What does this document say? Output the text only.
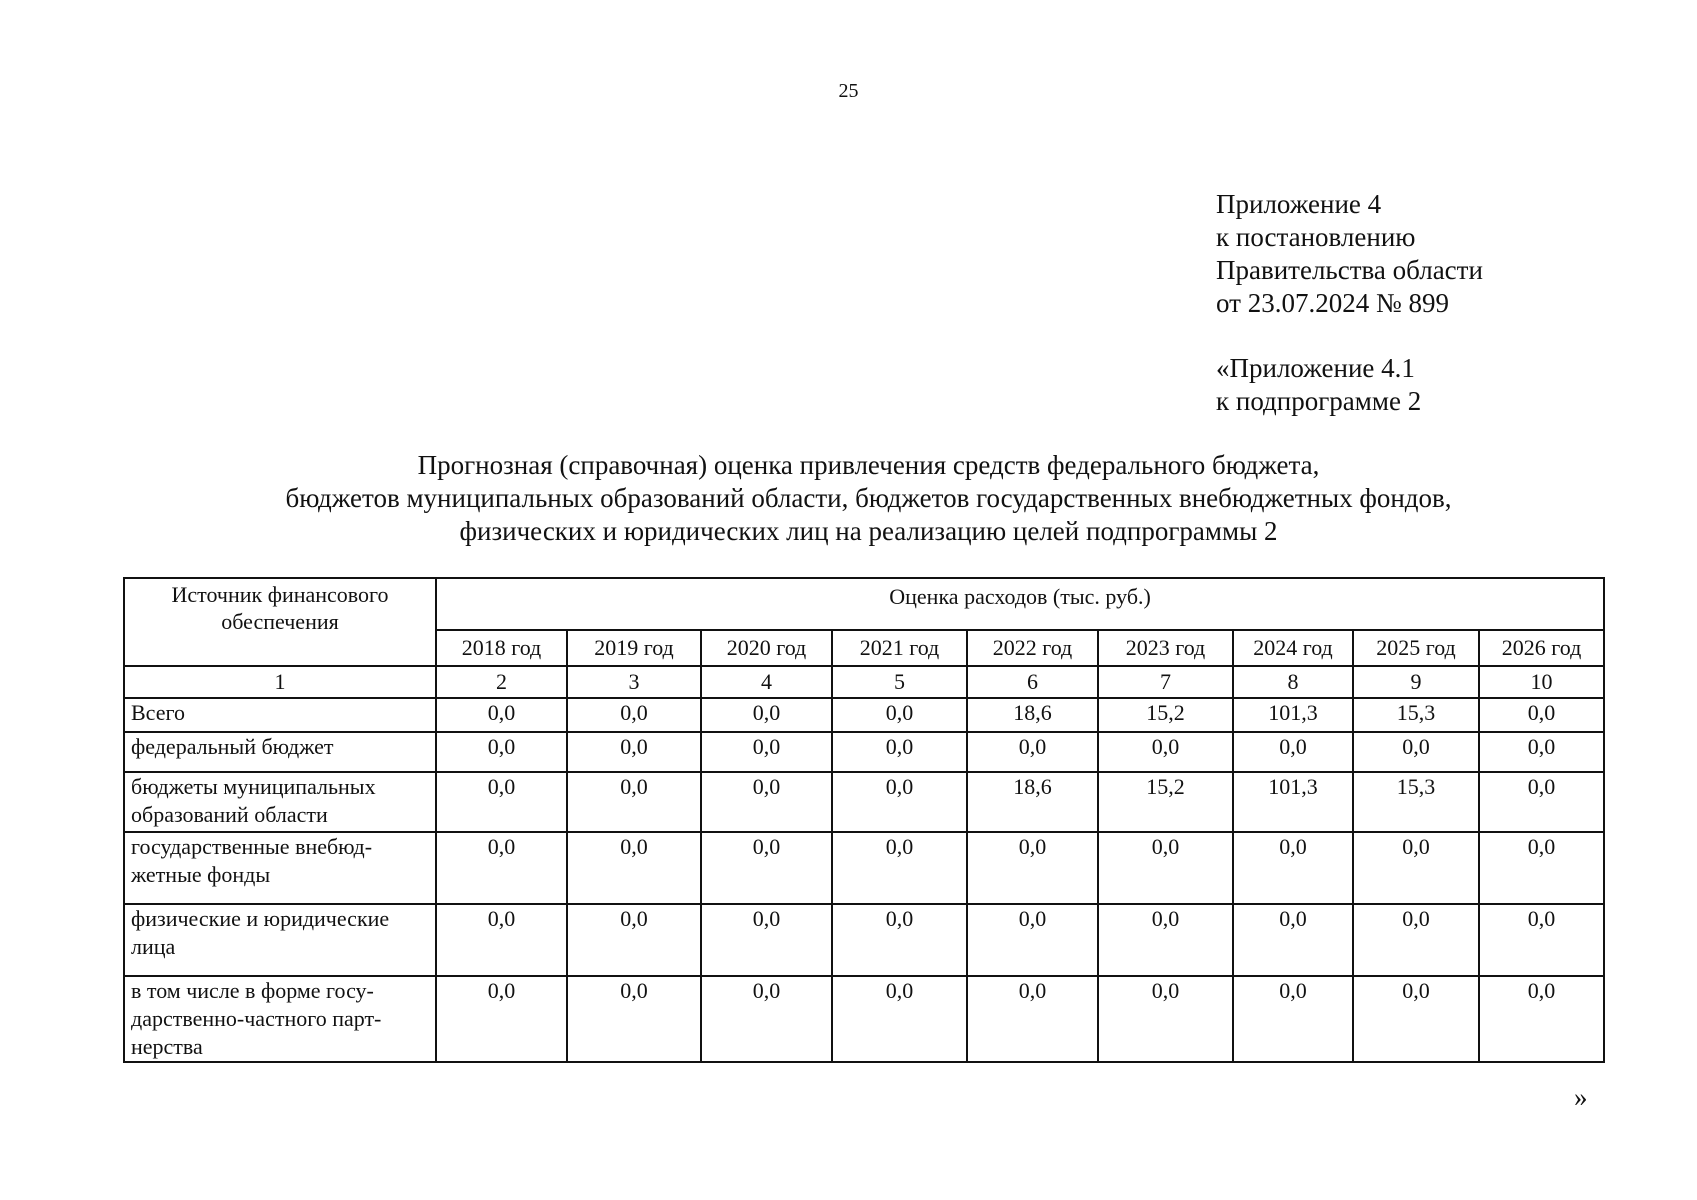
25
Приложение 4
к постановлению
Правительства области
от 23.07.2024 № 899
«Приложение 4.1
к подпрограмме 2
Прогнозная (справочная) оценка привлечения средств федерального бюджета,
бюджетов муниципальных образований области, бюджетов государственных внебюджетных фондов,
физических и юридических лиц на реализацию целей подпрограммы 2
Источник финансового обеспечения	Оценка расходов (тыс. руб.)								
	2018 год	2019 год	2020 год	2021 год	2022 год	2023 год	2024 год	2025 год	2026 год
1	2	3	4	5	6	7	8	9	10
Всего	0,0	0,0	0,0	0,0	18,6	15,2	101,3	15,3	0,0
федеральный бюджет	0,0	0,0	0,0	0,0	0,0	0,0	0,0	0,0	0,0

бюджеты муниципальных
образований области	0,0	0,0	0,0	0,0	18,6	15,2	101,3	15,3	0,0

государственные внебюд-
жетные фонды	0,0	0,0	0,0	0,0	0,0	0,0	0,0	0,0	0,0

физические и юридические
лица	0,0	0,0	0,0	0,0	0,0	0,0	0,0	0,0	0,0

в том числе в форме госу-
дарственно-частного парт-
нерства	0,0	0,0	0,0	0,0	0,0	0,0	0,0	0,0	0,0
»
